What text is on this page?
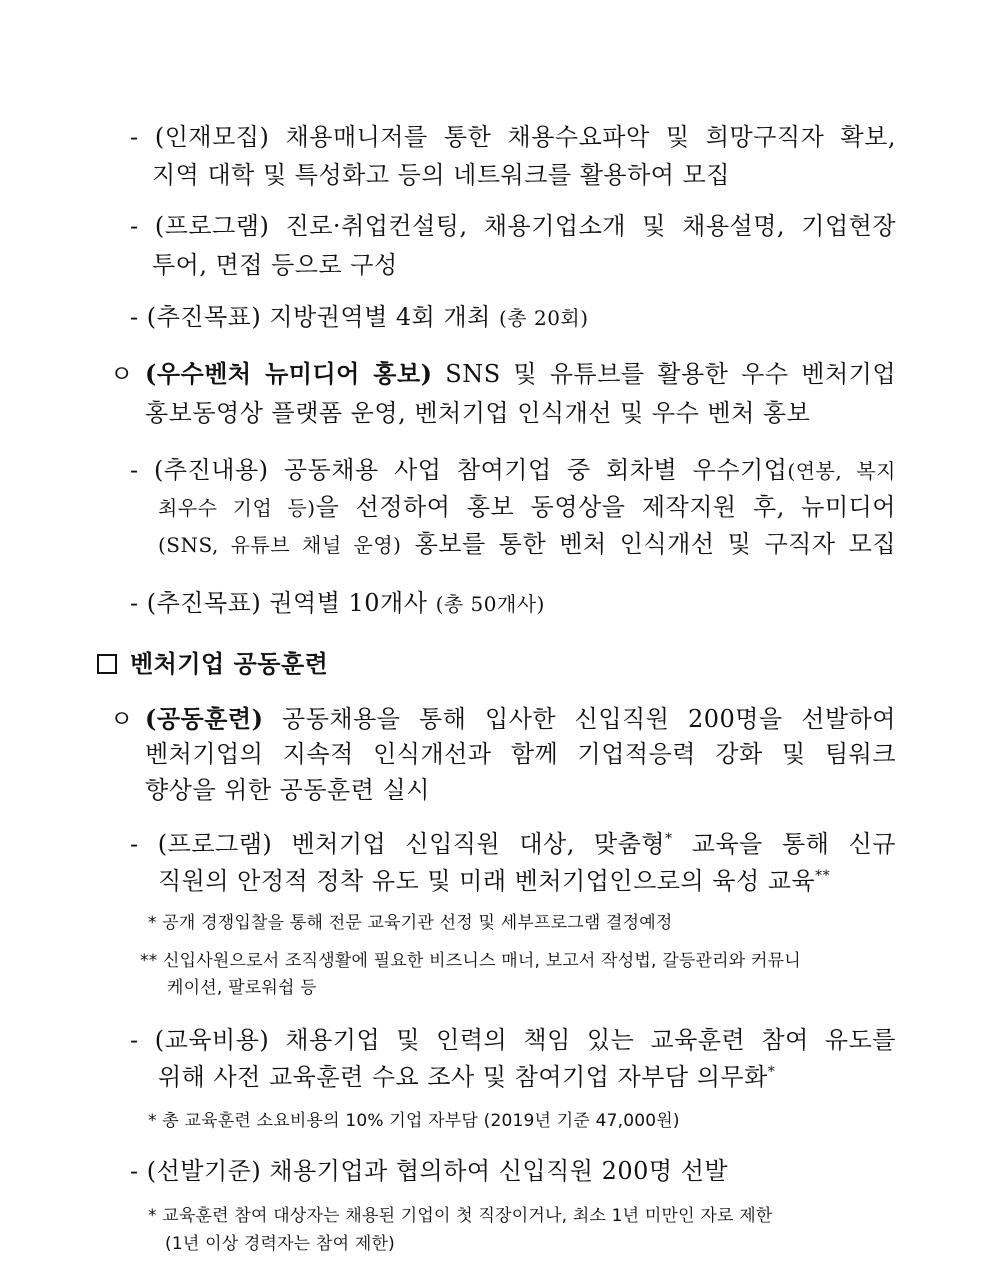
- (인재모집) 채용매니저를 통한 채용수요파악 및 희망구직자 확보,
지역 대학 및 특성화고 등의 네트워크를 활용하여 모집
- (프로그램) 진로·취업컨설팅, 채용기업소개 및 채용설명, 기업현장
투어, 면접 등으로 구성
- (추진목표) 지방권역별 4회 개최 (총 20회)
ㅇ (우수벤처 뉴미디어 홍보) SNS 및 유튜브를 활용한 우수 벤처기업
홍보동영상 플랫폼 운영, 벤처기업 인식개선 및 우수 벤처 홍보
- (추진내용) 공동채용 사업 참여기업 중 회차별 우수기업(연봉, 복지
최우수 기업 등)을 선정하여 홍보 동영상을 제작지원 후, 뉴미디어
(SNS, 유튜브 채널 운영) 홍보를 통한 벤처 인식개선 및 구직자 모집
- (추진목표) 권역별 10개사 (총 50개사)
벤처기업 공동훈련
ㅇ (공동훈련) 공동채용을 통해 입사한 신입직원 200명을 선발하여
벤처기업의 지속적 인식개선과 함께 기업적응력 강화 및 팀워크
향상을 위한 공동훈련 실시
- (프로그램) 벤처기업 신입직원 대상, 맞춤형* 교육을 통해 신규
직원의 안정적 정착 유도 및 미래 벤처기업인으로의 육성 교육**
* 공개 경쟁입찰을 통해 전문 교육기관 선정 및 세부프로그램 결정예정
** 신입사원으로서 조직생활에 필요한 비즈니스 매너, 보고서 작성법, 갈등관리와 커뮤니
케이션, 팔로워쉽 등
- (교육비용) 채용기업 및 인력의 책임 있는 교육훈련 참여 유도를
위해 사전 교육훈련 수요 조사 및 참여기업 자부담 의무화*
* 총 교육훈련 소요비용의 10% 기업 자부담 (2019년 기준 47,000원)
- (선발기준) 채용기업과 협의하여 신입직원 200명 선발
* 교육훈련 참여 대상자는 채용된 기업이 첫 직장이거나, 최소 1년 미만인 자로 제한
(1년 이상 경력자는 참여 제한)
